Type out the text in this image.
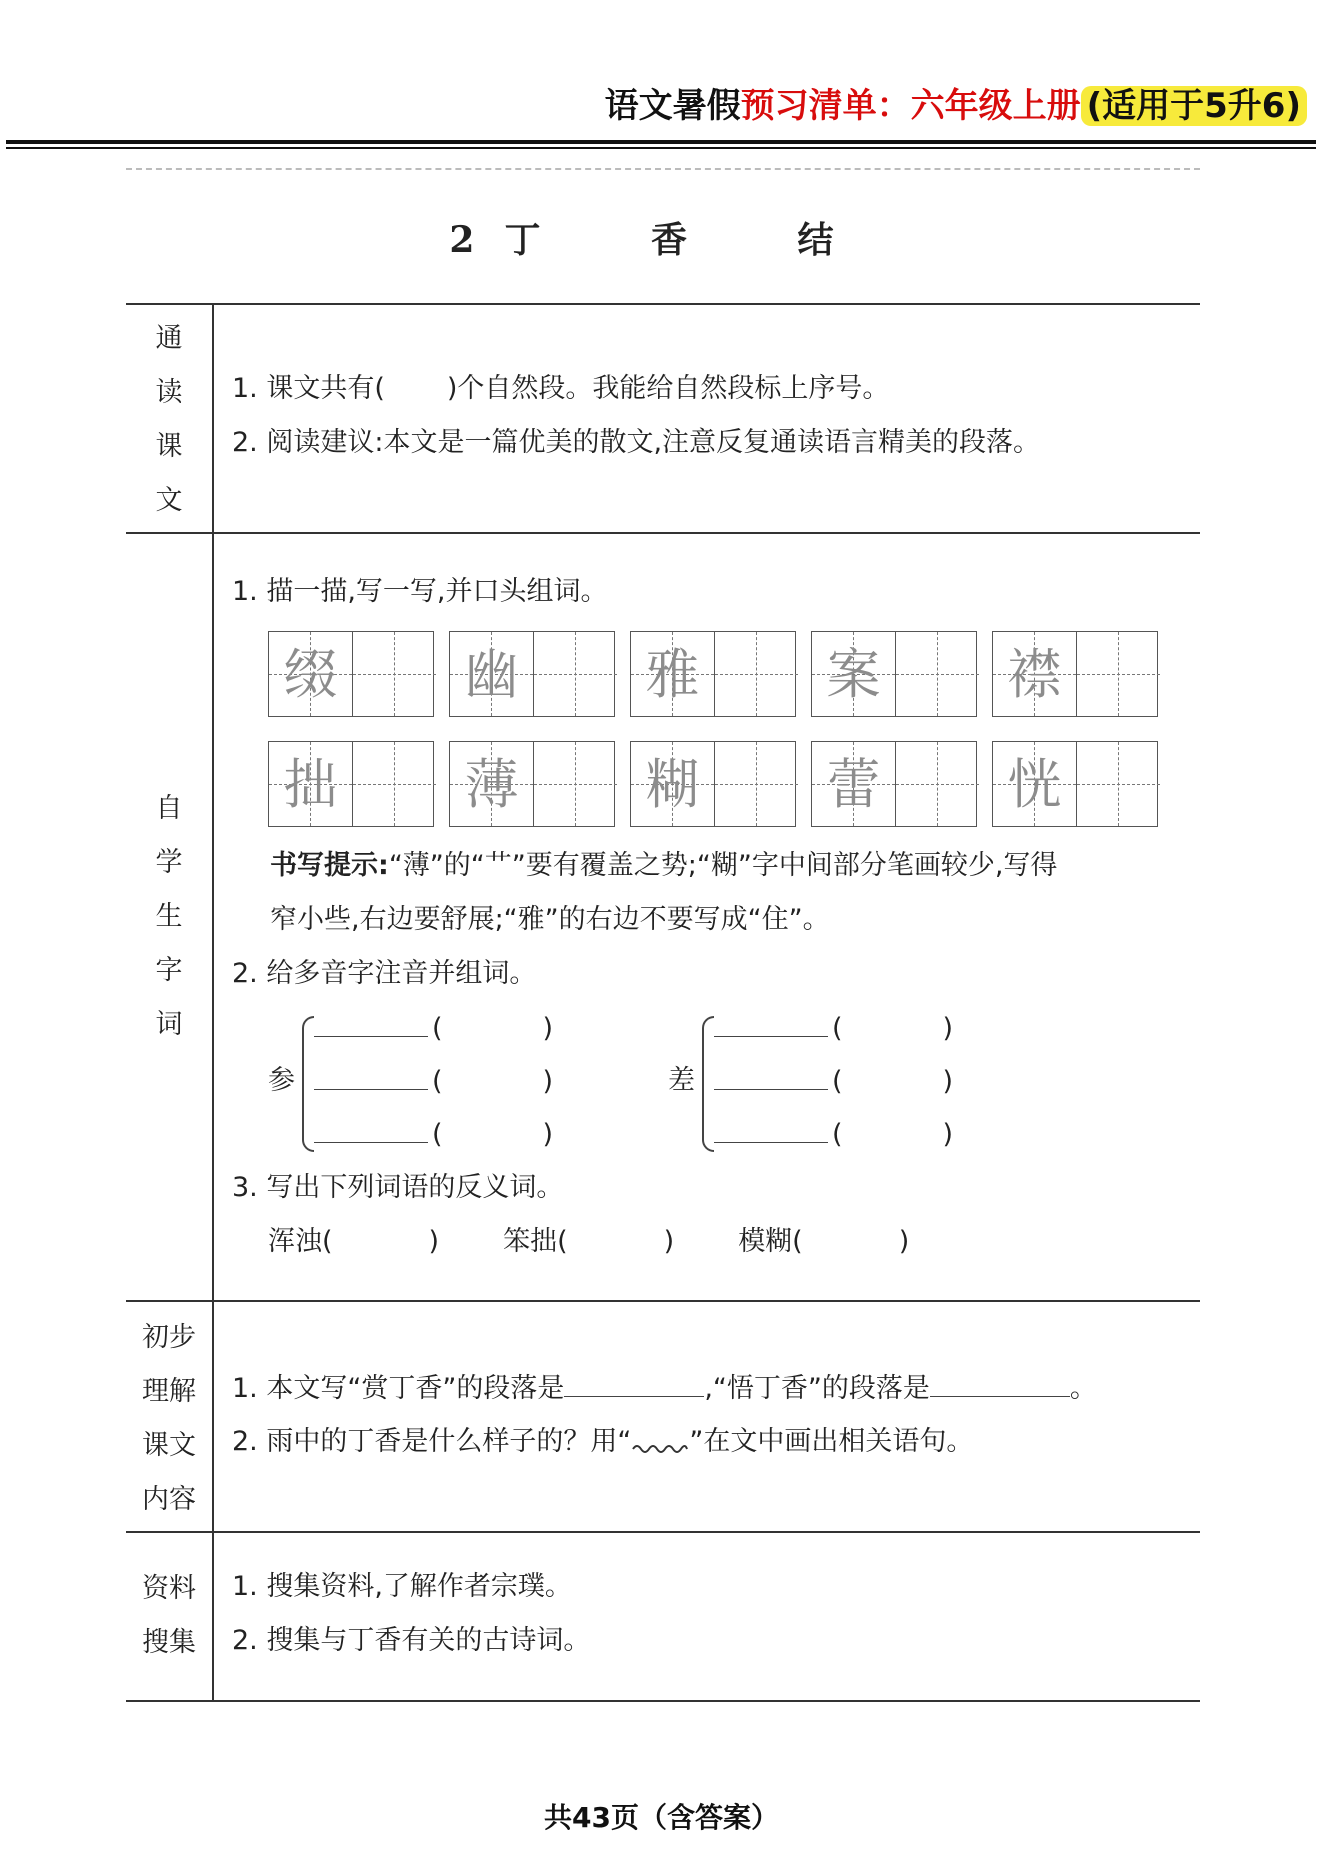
语文暑假预习清单：六年级上册 (适用于5升6)
2 丁 香 结
通
读
课
文
1. 课文共有( )个自然段。我能给自然段标上序号。
2. 阅读建议:本文是一篇优美的散文,注意反复通读语言精美的段落。
自
学
生
字
词
1. 描一描,写一写,并口头组词。
缀 幽 雅 案 襟
拙 薄 糊 蕾 恍
书写提示:“薄”的“艹”要有覆盖之势;“糊”字中间部分笔画较少,写得
窄小些,右边要舒展;“雅”的右边不要写成“住”。
2. 给多音字注音并组词。
参
(	)
(	)
(	)
差
(	)
(	)
(	)
3. 写出下列词语的反义词。
浑浊(	) 笨拙(	) 模糊(	)
初步
理解
课文
内容
1. 本文写“赏丁香”的段落是	,“悟丁香”的段落是	。
2. 雨中的丁香是什么样子的？用“ ”在文中画出相关语句。
资料
搜集
1. 搜集资料,了解作者宗璞。
2. 搜集与丁香有关的古诗词。
共43页（含答案）
